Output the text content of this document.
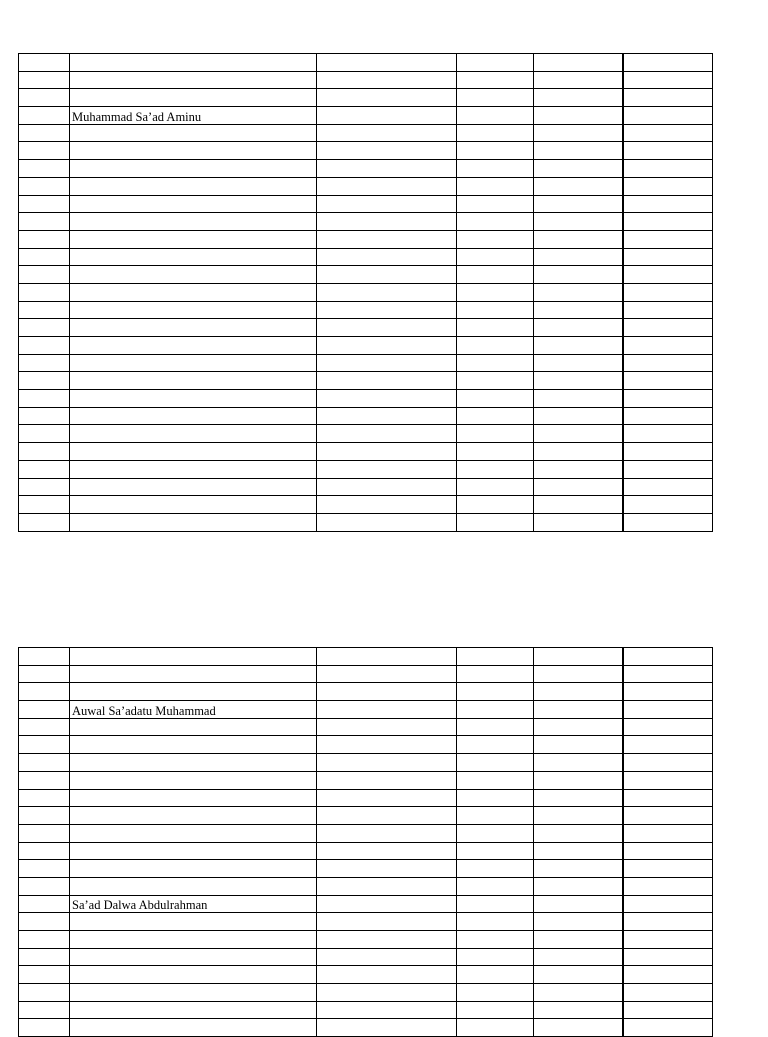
	Muhammad Sa’ad Aminu				

	Auwal Sa’adatu Muhammad				

	Sa’ad Dalwa Abdulrahman				
